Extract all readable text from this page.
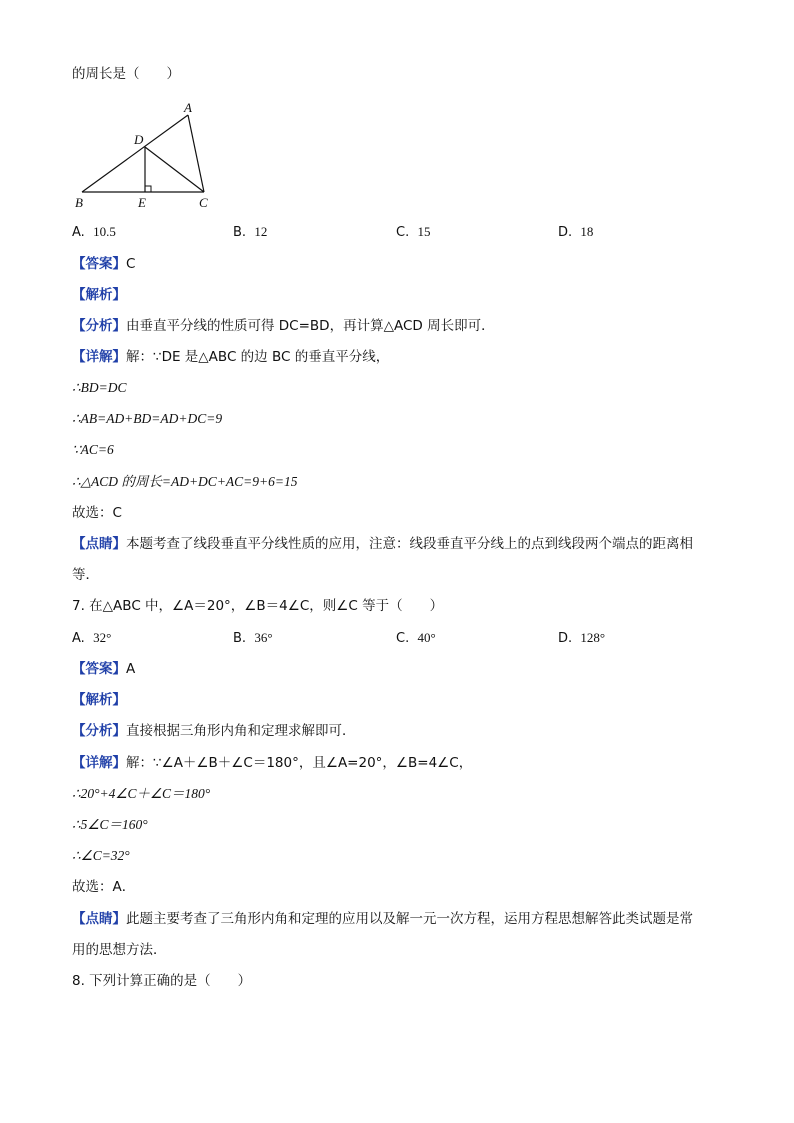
的周长是（　　）
A
D
B	E	C
A. 10.5	B. 12	C. 15	D. 18
【答案】C
【解析】
【分析】由垂直平分线的性质可得 DC=BD，再计算△ACD 周长即可．
【详解】解：∵DE 是△ABC 的边 BC 的垂直平分线，
∴BD=DC
∴AB=AD+BD=AD+DC=9
∵AC=6
∴△ACD 的周长=AD+DC+AC=9+6=15
故选：C
【点睛】本题考查了线段垂直平分线性质的应用，注意：线段垂直平分线上的点到线段两个端点的距离相
等．
7. 在△ABC 中，∠A＝20°，∠B＝4∠C，则∠C 等于（　　）
A. 32°	B. 36°	C. 40°	D. 128°
【答案】A
【解析】
【分析】直接根据三角形内角和定理求解即可．
【详解】解：∵∠A＋∠B＋∠C＝180°，且∠A=20°，∠B=4∠C，
∴20°+4∠C＋∠C＝180°
∴5∠C＝160°
∴∠C=32°
故选：A．
【点睛】此题主要考查了三角形内角和定理的应用以及解一元一次方程，运用方程思想解答此类试题是常
用的思想方法．
8. 下列计算正确的是（　　）
